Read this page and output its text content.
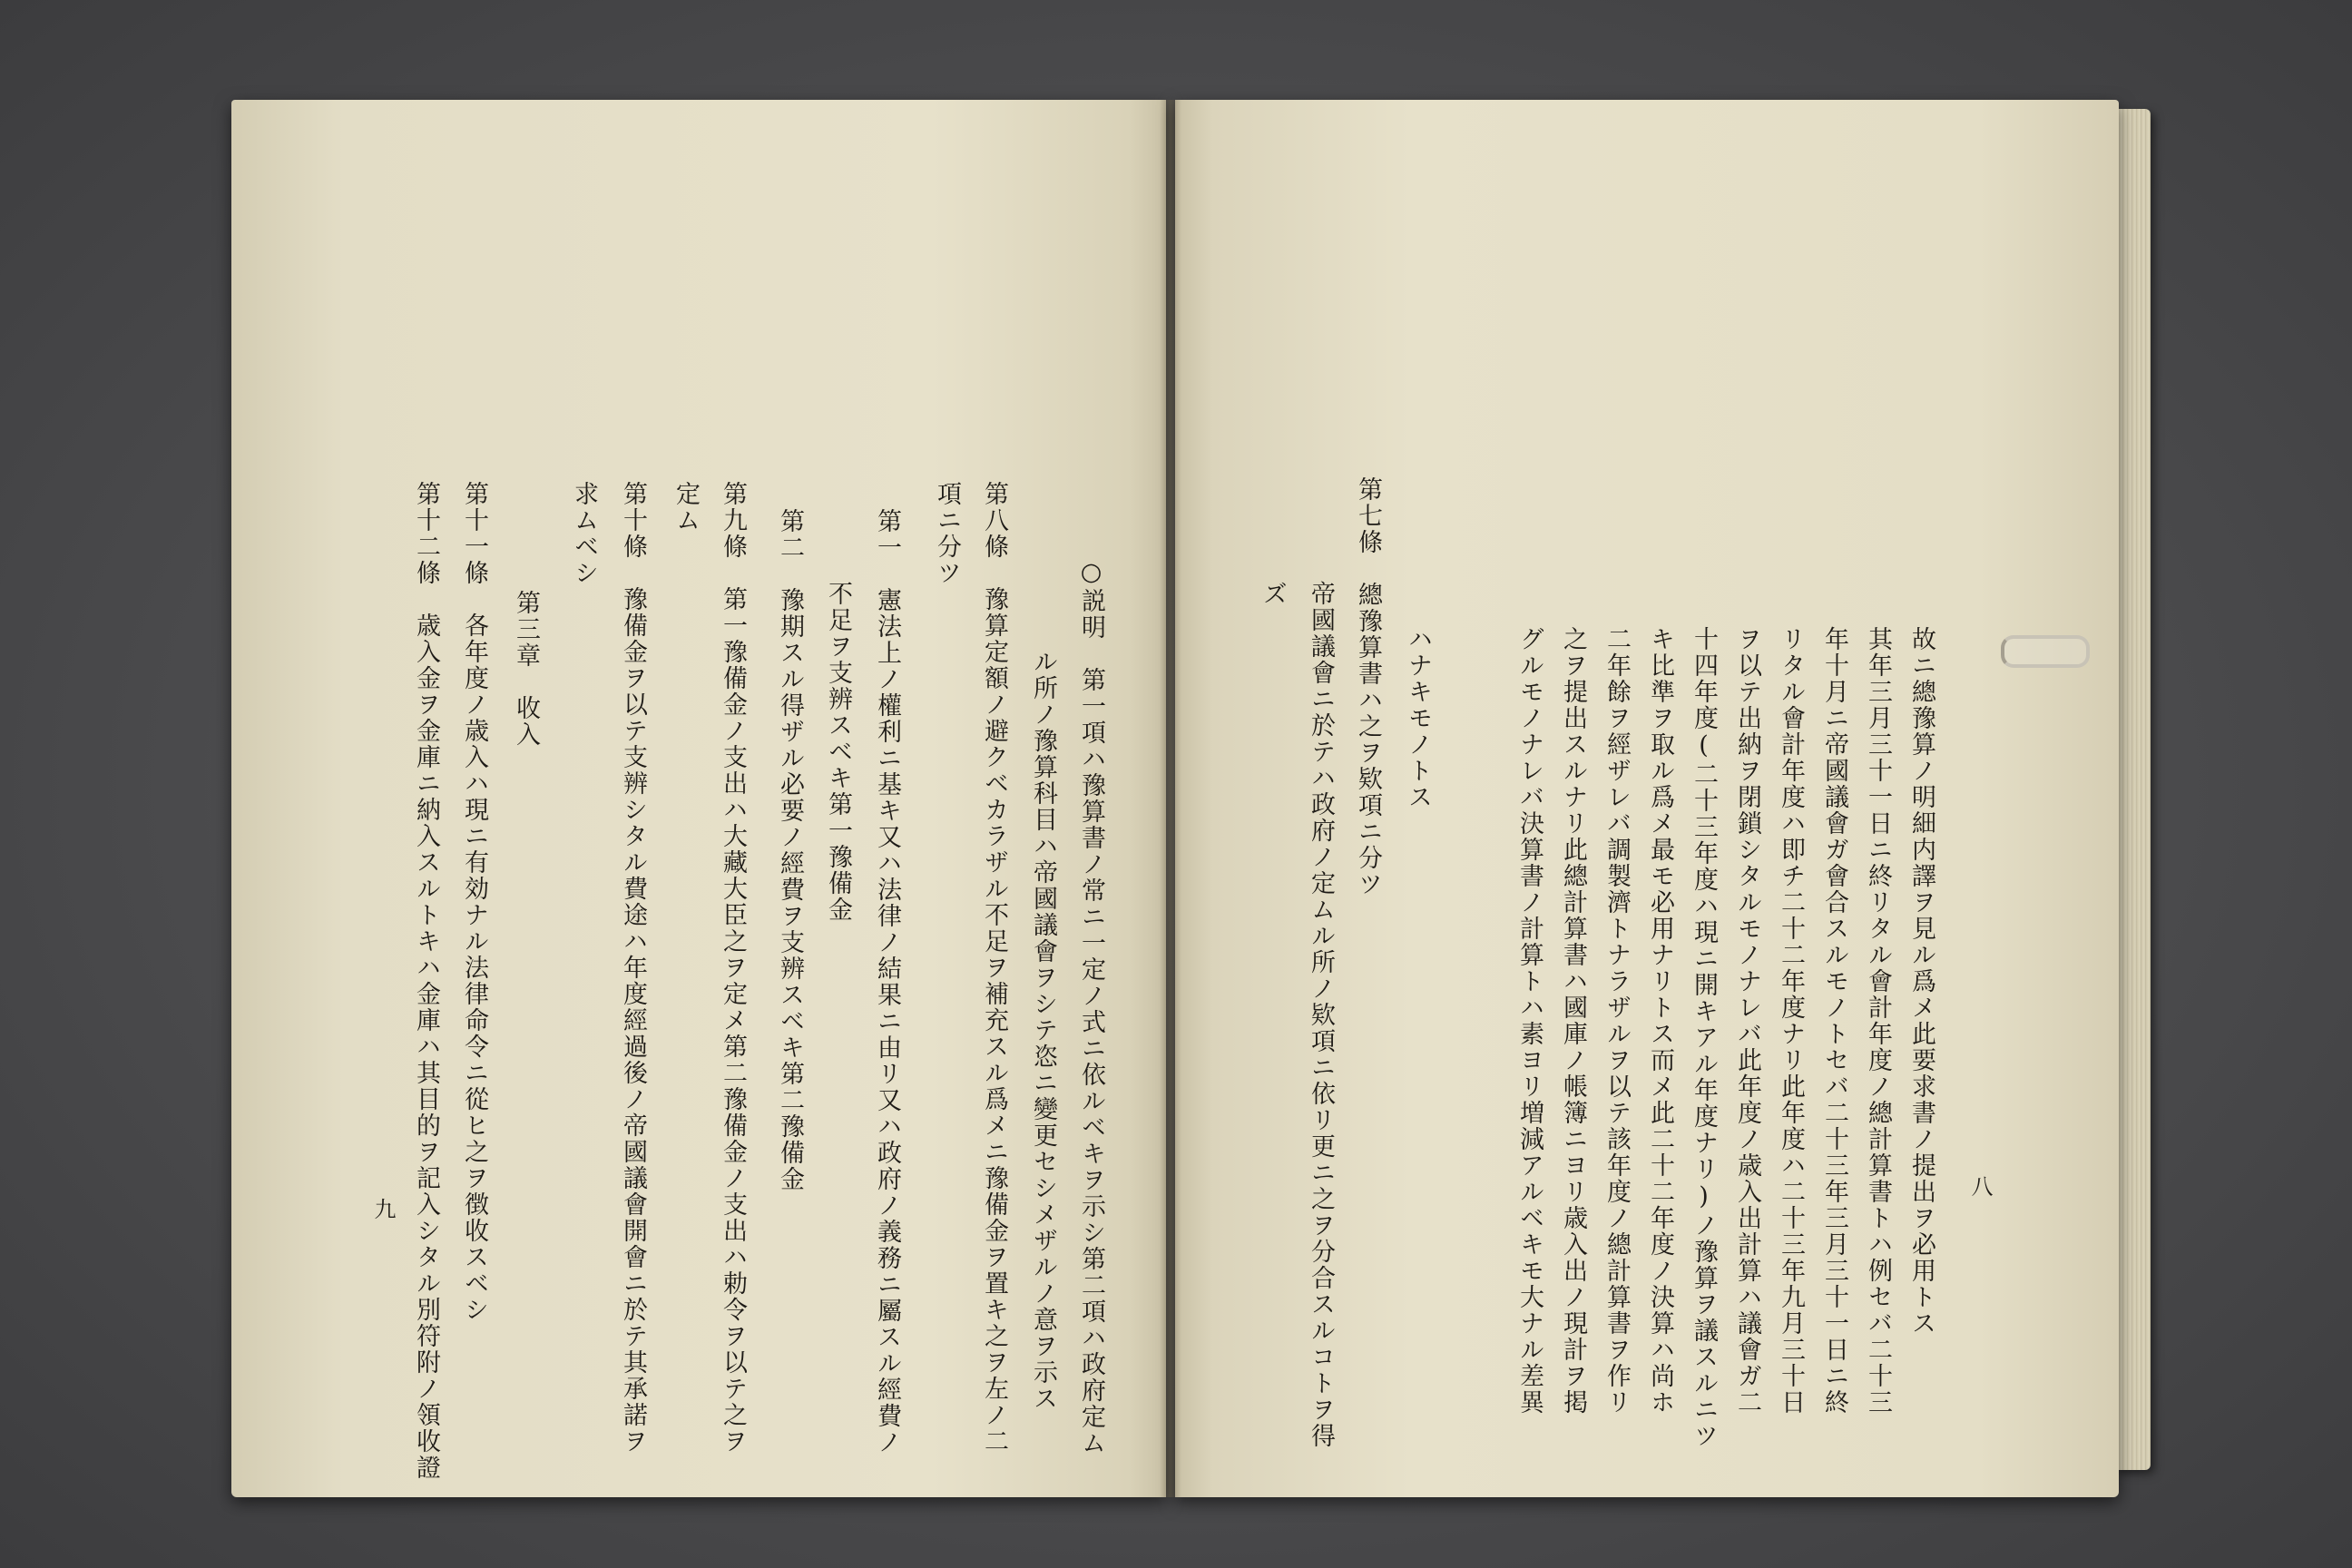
八
故ニ總豫算ノ明細内譯ヲ見ル爲メ此要求書ノ提出ヲ必用トス
其年三月三十一日ニ終リタル會計年度ノ總計算書トハ例セバ二十三
年十月ニ帝國議會ガ會合スルモノトセバ二十三年三月三十一日ニ終
リタル會計年度ハ即チ二十二年度ナリ此年度ハ二十三年九月三十日
ヲ以テ出納ヲ閉鎖シタルモノナレバ此年度ノ歳入出計算ハ議會ガ二
十四年度(二十三年度ハ現ニ開キアル年度ナリ)ノ豫算ヲ議スルニツ
キ比準ヲ取ル爲メ最モ必用ナリトス而メ此二十二年度ノ決算ハ尚ホ
二年餘ヲ經ザレバ調製濟トナラザルヲ以テ該年度ノ總計算書ヲ作リ
之ヲ提出スルナリ此總計算書ハ國庫ノ帳簿ニヨリ歳入出ノ現計ヲ掲
グルモノナレバ決算書ノ計算トハ素ヨリ増減アルベキモ大ナル差異
ハナキモノトス
第七條　總豫算書ハ之ヲ欵項ニ分ツ
帝國議會ニ於テハ政府ノ定ムル所ノ欵項ニ依リ更ニ之ヲ分合スルコトヲ得
ズ
九	○説明　第一項ハ豫算書ノ常ニ一定ノ式ニ依ルベキヲ示シ第二項ハ政府定ム
ル所ノ豫算科目ハ帝國議會ヲシテ恣ニ變更セシメザルノ意ヲ示ス
第八條　豫算定額ノ避クベカラザル不足ヲ補充スル爲メニ豫備金ヲ置キ之ヲ左ノ二
項ニ分ツ
第一　憲法上ノ權利ニ基キ又ハ法律ノ結果ニ由リ又ハ政府ノ義務ニ屬スル經費ノ
不足ヲ支辨スベキ第一豫備金
第二　豫期スル得ザル必要ノ經費ヲ支辨スベキ第二豫備金
第九條　第一豫備金ノ支出ハ大藏大臣之ヲ定メ第二豫備金ノ支出ハ勅令ヲ以テ之ヲ
定ム
第十條　豫備金ヲ以テ支辨シタル費途ハ年度經過後ノ帝國議會開會ニ於テ其承諾ヲ
求ムベシ
第三章　收入
第十一條　各年度ノ歳入ハ現ニ有効ナル法律命令ニ從ヒ之ヲ徴收スベシ
第十二條　歳入金ヲ金庫ニ納入スルトキハ金庫ハ其目的ヲ記入シタル別符附ノ領收證
